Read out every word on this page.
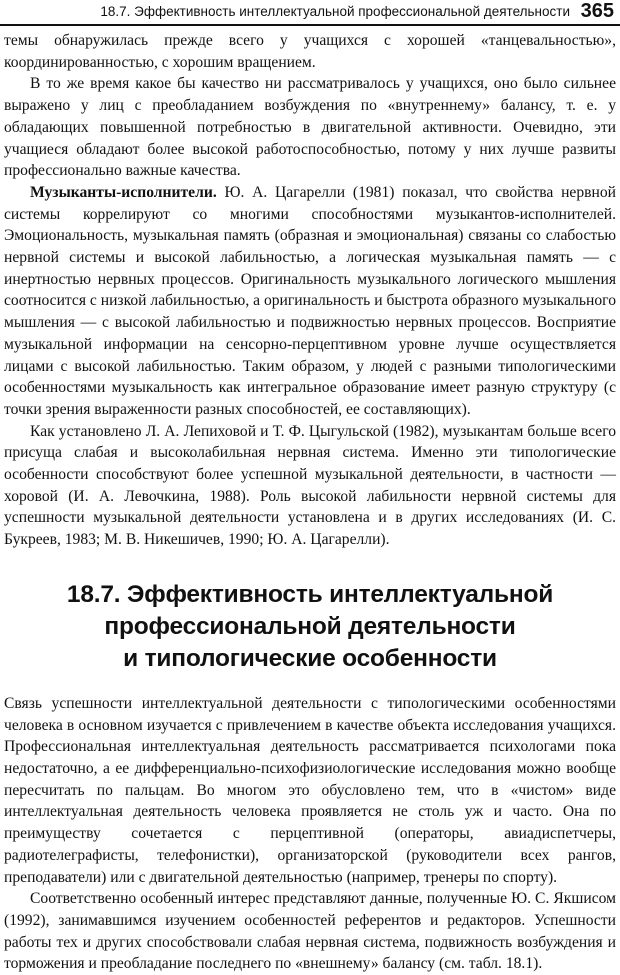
18.7. Эффективность интеллектуальной профессиональной деятельности 365

темы обнаружилась прежде всего у учащихся с хорошей «танцевальностью», координированностью, с хорошим вращением.

В то же время какое бы качество ни рассматривалось у учащихся, оно было сильнее выражено у лиц с преобладанием возбуждения по «внутреннему» балансу, т. е. у обладающих повышенной потребностью в двигательной активности. Очевидно, эти учащиеся обладают более высокой работоспособностью, потому у них лучше развиты профессионально важные качества.

Музыканты-исполнители. Ю. А. Цагарелли (1981) показал, что свойства нервной системы коррелируют со многими способностями музыкантов-исполнителей. Эмоциональность, музыкальная память (образная и эмоциональная) связаны со слабостью нервной системы и высокой лабильностью, а логическая музыкальная память — с инертностью нервных процессов. Оригинальность музыкального логического мышления соотносится с низкой лабильностью, а оригинальность и быстрота образного музыкального мышления — с высокой лабильностью и подвижностью нервных процессов. Восприятие музыкальной информации на сенсорно-перцептивном уровне лучше осуществляется лицами с высокой лабильностью. Таким образом, у людей с разными типологическими особенностями музыкальность как интегральное образование имеет разную структуру (с точки зрения выраженности разных способностей, ее составляющих).

Как установлено Л. А. Лепиховой и Т. Ф. Цыгульской (1982), музыкантам больше всего присуща слабая и высоколабильная нервная система. Именно эти типологические особенности способствуют более успешной музыкальной деятельности, в частности — хоровой (И. А. Левочкина, 1988). Роль высокой лабильности нервной системы для успешности музыкальной деятельности установлена и в других исследованиях (И. С. Букреев, 1983; М. В. Никешичев, 1990; Ю. А. Цагарелли).

18.7. Эффективность интеллектуальной
профессиональной деятельности
и типологические особенности

Связь успешности интеллектуальной деятельности с типологическими особенностями человека в основном изучается с привлечением в качестве объекта исследования учащихся. Профессиональная интеллектуальная деятельность рассматривается психологами пока недостаточно, а ее дифференциально-психофизиологические исследования можно вообще пересчитать по пальцам. Во многом это обусловлено тем, что в «чистом» виде интеллектуальная деятельность человека проявляется не столь уж и часто. Она по преимуществу сочетается с перцептивной (операторы, авиадиспетчеры, радиотелеграфисты, телефонистки), организаторской (руководители всех рангов, преподаватели) или с двигательной деятельностью (например, тренеры по спорту).

Соответственно особенный интерес представляют данные, полученные Ю. С. Якшисом (1992), занимавшимся изучением особенностей референтов и редакторов. Успешности работы тех и других способствовали слабая нервная система, подвижность возбуждения и торможения и преобладание последнего по «внешнему» балансу (см. табл. 18.1).
